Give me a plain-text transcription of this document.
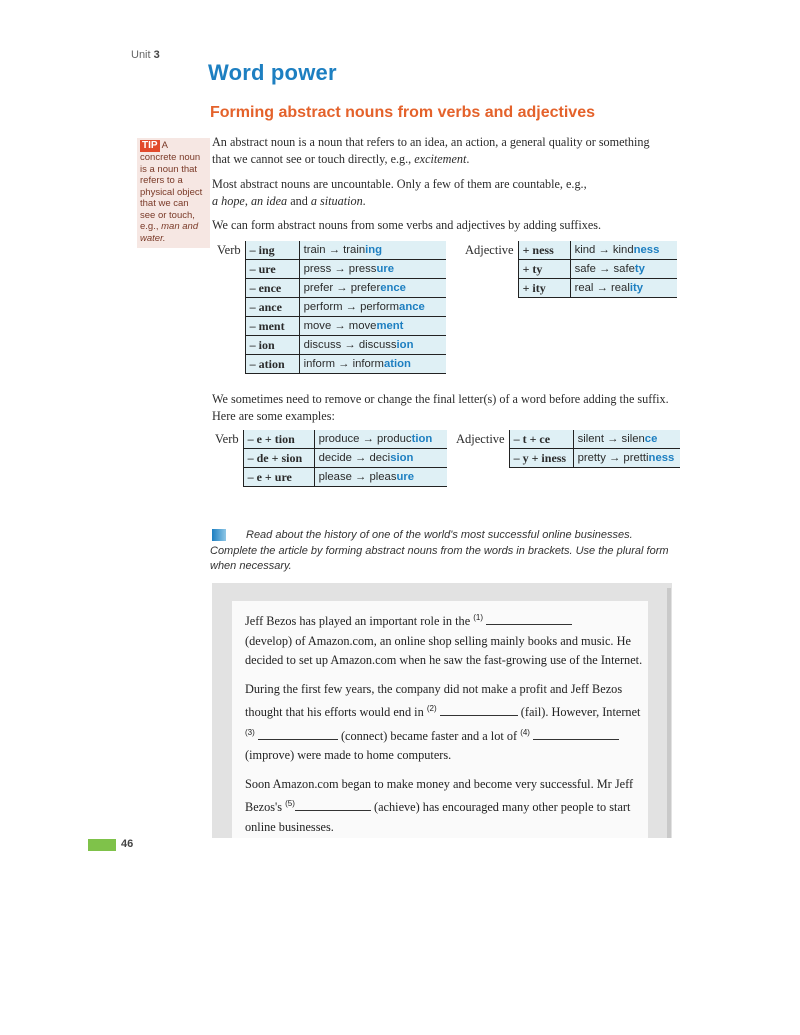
Unit 3
Word power
Forming abstract nouns from verbs and adjectives
TIP A concrete noun is a noun that refers to a physical object that we can see or touch, e.g., man and water.
An abstract noun is a noun that refers to an idea, an action, a general quality or something that we cannot see or touch directly, e.g., excitement.
Most abstract nouns are uncountable. Only a few of them are countable, e.g.,
a hope, an idea and a situation.
We can form abstract nouns from some verbs and adjectives by adding suffixes.
Verb	– ing	train → training
	– ure	press → pressure
	– ence	prefer → preference
	– ance	perform → performance
	– ment	move → movement
	– ion	discuss → discussion
	– ation	inform → information
Adjective	+ ness	kind → kindness
	+ ty	safe → safety
	+ ity	real → reality
We sometimes need to remove or change the final letter(s) of a word before adding the suffix. Here are some examples:
Verb	– e + tion	produce → production
	– de + sion	decide → decision
	– e + ure	please → pleasure
Adjective	– t + ce	silent → silence
	– y + iness	pretty → prettiness
Read about the history of one of the world's most successful online businesses. Complete the article by forming abstract nouns from the words in brackets. Use the plural form when necessary.

Jeff Bezos has played an important role in the $^{(1)}$
(develop) of Amazon.com, an online shop selling mainly books and music. He decided to set up Amazon.com when he saw the fast-growing use of the Internet.

During the first few years, the company did not make a profit and Jeff Bezos thought that his efforts would end in $^{(2)}$	(fail). However, Internet $^{(3)}$	(connect) became faster and a lot of $^{(4)}$  (improve) were made to home computers.

Soon Amazon.com began to make money and become very successful. Mr Jeff Bezos's $^{(5)}$	(achieve) has encouraged many other people to start online businesses.

46
